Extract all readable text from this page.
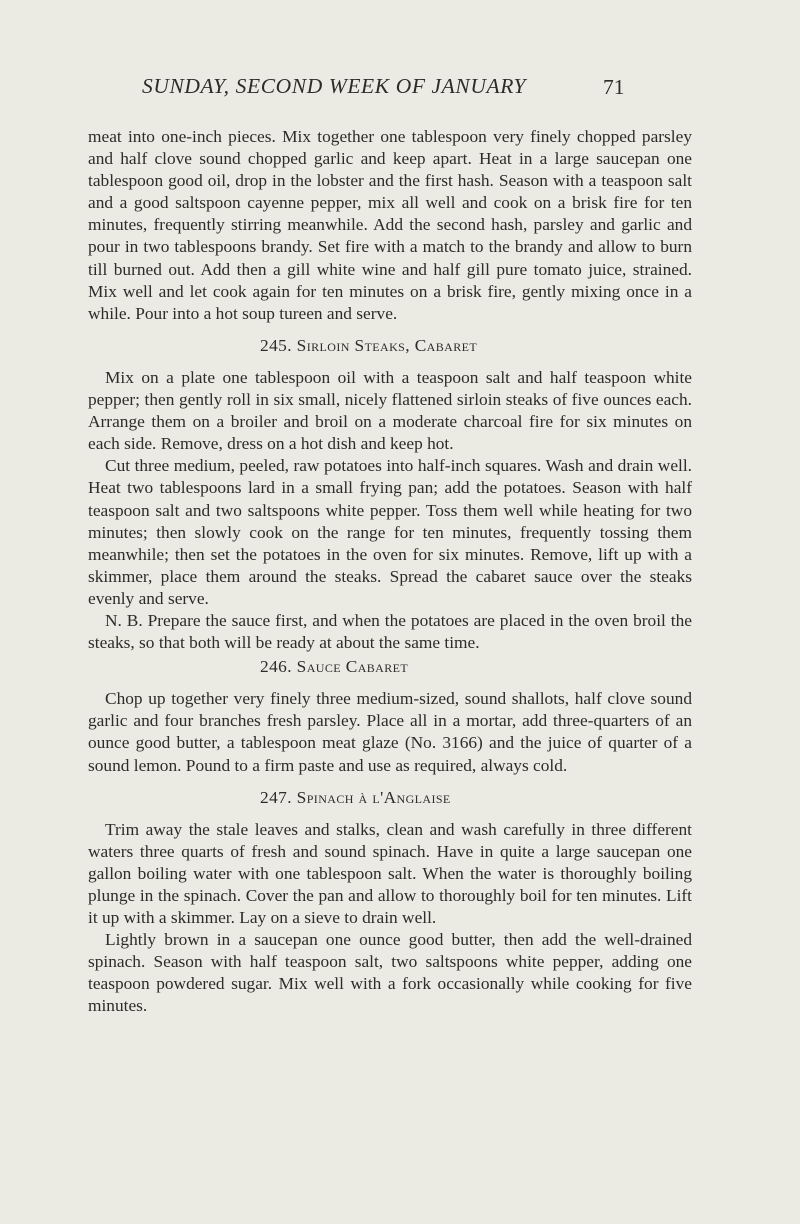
SUNDAY, SECOND WEEK OF JANUARY	71

meat into one-inch pieces. Mix together one tablespoon very finely chopped parsley and half clove sound chopped garlic and keep apart. Heat in a large saucepan one tablespoon good oil, drop in the lobster and the first hash. Season with a teaspoon salt and a good saltspoon cayenne pepper, mix all well and cook on a brisk fire for ten minutes, frequently stirring meanwhile. Add the second hash, parsley and garlic and pour in two tablespoons brandy. Set fire with a match to the brandy and allow to burn till burned out. Add then a gill white wine and half gill pure tomato juice, strained. Mix well and let cook again for ten minutes on a brisk fire, gently mixing once in a while. Pour into a hot soup tureen and serve.

245. Sirloin Steaks, Cabaret

Mix on a plate one tablespoon oil with a teaspoon salt and half teaspoon white pepper; then gently roll in six small, nicely flattened sirloin steaks of five ounces each. Arrange them on a broiler and broil on a moderate charcoal fire for six minutes on each side. Remove, dress on a hot dish and keep hot.

Cut three medium, peeled, raw potatoes into half-inch squares. Wash and drain well. Heat two tablespoons lard in a small frying pan; add the potatoes. Season with half teaspoon salt and two saltspoons white pepper. Toss them well while heating for two minutes; then slowly cook on the range for ten minutes, frequently tossing them meanwhile; then set the potatoes in the oven for six minutes. Remove, lift up with a skimmer, place them around the steaks. Spread the cabaret sauce over the steaks evenly and serve.

N. B. Prepare the sauce first, and when the potatoes are placed in the oven broil the steaks, so that both will be ready at about the same time.

246. Sauce Cabaret

Chop up together very finely three medium-sized, sound shallots, half clove sound garlic and four branches fresh parsley. Place all in a mortar, add three-quarters of an ounce good butter, a tablespoon meat glaze (No. 3166) and the juice of quarter of a sound lemon. Pound to a firm paste and use as required, always cold.

247. Spinach à l'Anglaise

Trim away the stale leaves and stalks, clean and wash carefully in three different waters three quarts of fresh and sound spinach. Have in quite a large saucepan one gallon boiling water with one tablespoon salt. When the water is thoroughly boiling plunge in the spinach. Cover the pan and allow to thoroughly boil for ten minutes. Lift it up with a skimmer. Lay on a sieve to drain well.

Lightly brown in a saucepan one ounce good butter, then add the well-drained spinach. Season with half teaspoon salt, two saltspoons white pepper, adding one teaspoon powdered sugar. Mix well with a fork occasionally while cooking for five minutes.
